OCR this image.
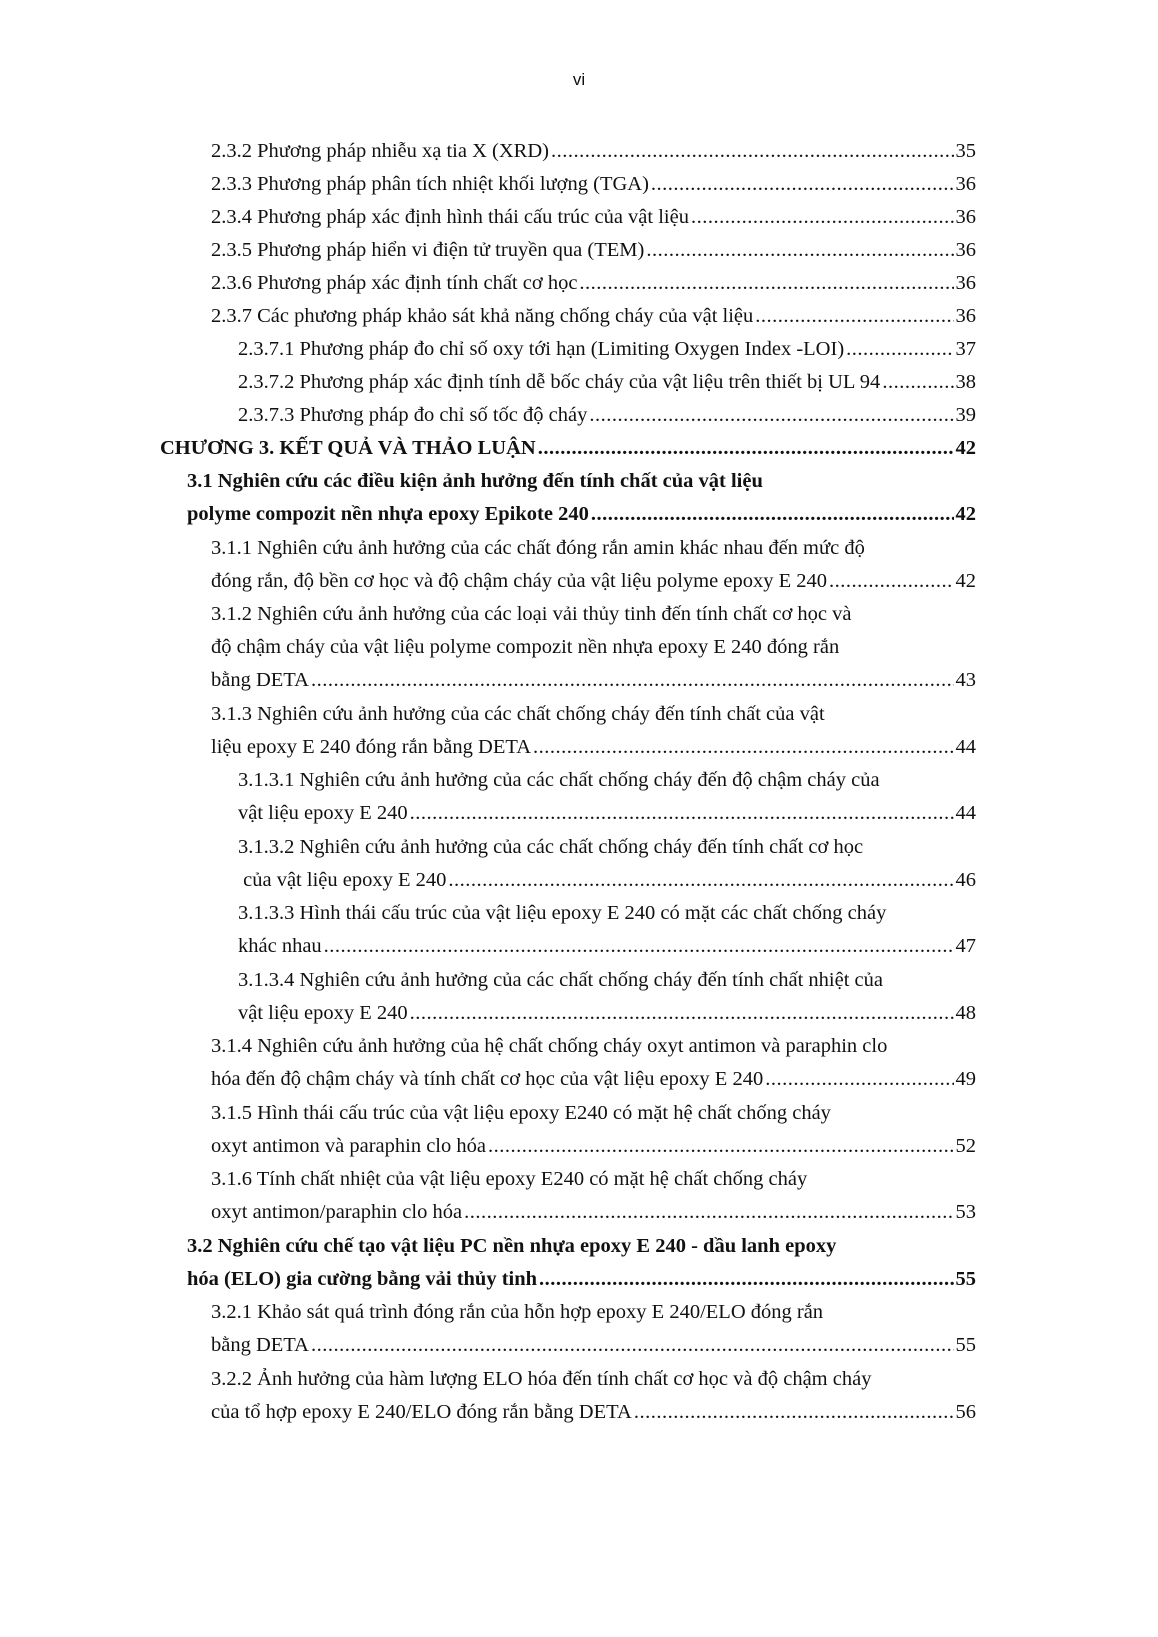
vi
2.3.2 Phương pháp nhiễu xạ tia X (XRD) .....	35
2.3.3 Phương pháp phân tích nhiệt khối lượng (TGA) .....	36
2.3.4 Phương pháp xác định hình thái cấu trúc của vật liệu .....	36
2.3.5 Phương pháp hiển vi điện tử truyền qua (TEM) .....	36
2.3.6 Phương pháp xác định tính chất cơ học .....	36
2.3.7 Các phương pháp khảo sát khả năng chống cháy của vật liệu .....	36
2.3.7.1 Phương pháp đo chỉ số oxy tới hạn (Limiting Oxygen Index -LOI) .....	37
2.3.7.2 Phương pháp xác định tính dễ bốc cháy của vật liệu trên thiết bị UL 94 .....	38
2.3.7.3 Phương pháp đo chỉ số tốc độ cháy .....	39
CHƯƠNG 3. KẾT QUẢ VÀ THẢO LUẬN .....	42
3.1 Nghiên cứu các điều kiện ảnh hưởng đến tính chất của vật liệu
polyme compozit nền nhựa epoxy Epikote 240 .....	42
3.1.1 Nghiên cứu ảnh hưởng của các chất đóng rắn amin khác nhau đến mức độ
đóng rắn, độ bền cơ học và độ chậm cháy của vật liệu polyme epoxy E 240 .....	42
3.1.2 Nghiên cứu ảnh hưởng của các loại vải thủy tinh đến tính chất cơ học và
độ chậm cháy của vật liệu polyme compozit nền nhựa epoxy E 240 đóng rắn
bằng DETA .....	43
3.1.3 Nghiên cứu ảnh hưởng của các chất chống cháy đến tính chất của vật
liệu epoxy E 240 đóng rắn bằng DETA .....	44
3.1.3.1 Nghiên cứu ảnh hưởng của các chất chống cháy đến độ chậm cháy của
vật liệu epoxy E 240 .....	44
3.1.3.2 Nghiên cứu ảnh hưởng của các chất chống cháy đến tính chất cơ học
của vật liệu epoxy E 240 .....	46
3.1.3.3 Hình thái cấu trúc của vật liệu epoxy E 240 có mặt các chất chống cháy
khác nhau .....	47
3.1.3.4 Nghiên cứu ảnh hưởng của các chất chống cháy đến tính chất nhiệt của
vật liệu epoxy E 240 .....	48
3.1.4 Nghiên cứu ảnh hưởng của hệ chất chống cháy oxyt antimon và paraphin clo
hóa đến độ chậm cháy và tính chất cơ học của vật liệu epoxy E 240 .....	49
3.1.5 Hình thái cấu trúc của vật liệu epoxy E240 có mặt hệ chất chống cháy
oxyt antimon và paraphin clo hóa .....	52
3.1.6 Tính chất nhiệt của vật liệu epoxy E240 có mặt hệ chất chống cháy
oxyt antimon/paraphin clo hóa .....	53
3.2 Nghiên cứu chế tạo vật liệu PC nền nhựa epoxy E 240 - dầu lanh epoxy
hóa (ELO) gia cường bằng vải thủy tinh .....	55
3.2.1 Khảo sát quá trình đóng rắn của hỗn hợp epoxy E 240/ELO đóng rắn
bằng DETA .....	55
3.2.2 Ảnh hưởng của hàm lượng ELO hóa đến tính chất cơ học và độ chậm cháy
của tổ hợp epoxy E 240/ELO đóng rắn bằng DETA .....	56
